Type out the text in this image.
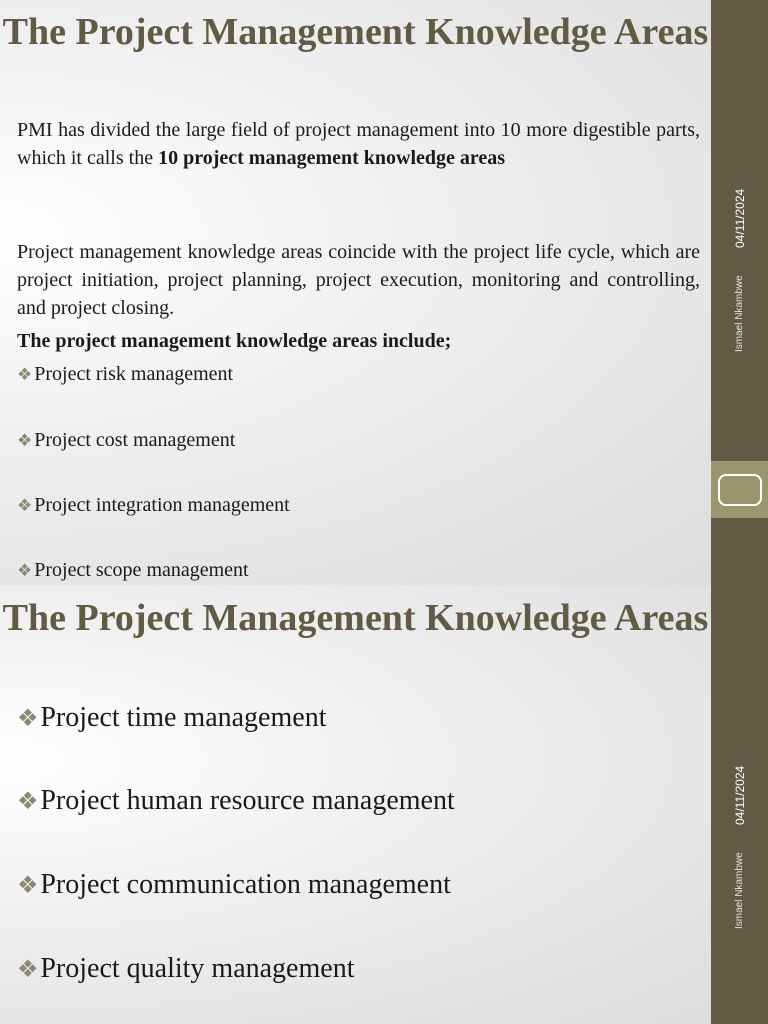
The Project Management Knowledge Areas

PMI has divided the large field of project management into 10 more digestible parts, which it calls the 10 project management knowledge areas

Project management knowledge areas coincide with the project life cycle, which are project initiation, project planning, project execution, monitoring and controlling, and project closing.

The project management knowledge areas include;

❖ Project risk management
❖ Project cost management
❖ Project integration management
❖ Project scope management
04/11/2024
Ismael Nkambwe
The Project Management Knowledge Areas
❖Project time management
❖Project human resource management
❖Project communication management
❖Project quality management
04/11/2024
Ismael Nkambwe
